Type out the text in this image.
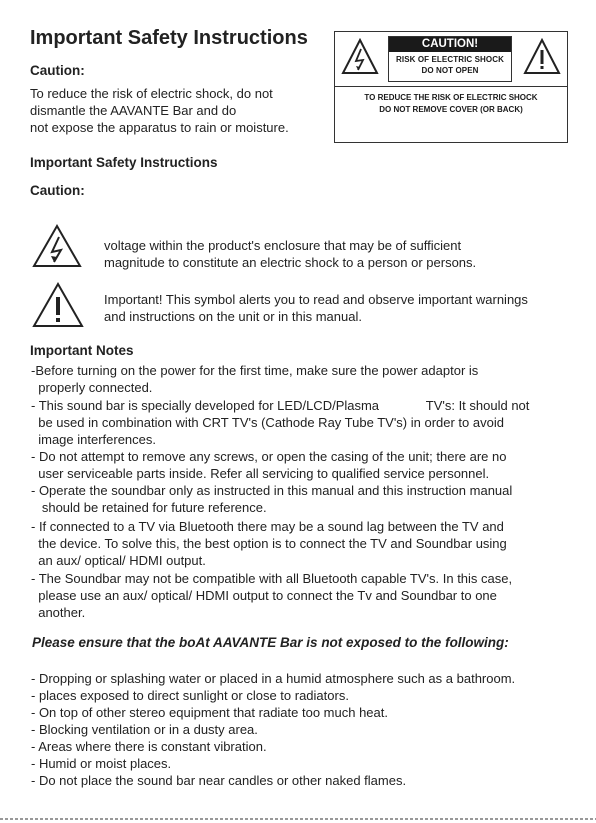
Important Safety Instructions
Caution:
To reduce the risk of electric shock, do not
dismantle the AAVANTE Bar and do
not expose the apparatus to rain or moisture.
CAUTION!
RISK OF ELECTRIC SHOCK
DO NOT OPEN
TO REDUCE THE RISK OF ELECTRIC SHOCK
DO NOT REMOVE COVER (OR BACK)
Important Safety Instructions
Caution:
voltage within the product's enclosure that may be of sufficient
magnitude to constitute an electric shock to a person or persons.
Important! This symbol alerts you to read and observe important warnings
and instructions on the unit or in this manual.
Important Notes
-Before turning on the power for the first time, make sure the power adaptor is
properly connected.
- This sound bar is specially developed for LED/LCD/Plasma             TV's: It should not
be used in combination with CRT TV's (Cathode Ray Tube TV's) in order to avoid
image interferences.
- Do not attempt to remove any screws, or open the casing of the unit; there are no
user serviceable parts inside. Refer all servicing to qualified service personnel.
- Operate the soundbar only as instructed in this manual and this instruction manual
should be retained for future reference.
- If connected to a TV via Bluetooth there may be a sound lag between the TV and
the device. To solve this, the best option is to connect the TV and Soundbar using
an aux/ optical/ HDMI output.
- The Soundbar may not be compatible with all Bluetooth capable TV's. In this case,
please use an aux/ optical/ HDMI output to connect the Tv and Soundbar to one
another.
Please ensure that the boAt AAVANTE Bar is not exposed to the following:
- Dropping or splashing water or placed in a humid atmosphere such as a bathroom.
- places exposed to direct sunlight or close to radiators.
- On top of other stereo equipment that radiate too much heat.
- Blocking ventilation or in a dusty area.
- Areas where there is constant vibration.
- Humid or moist places.
- Do not place the sound bar near candles or other naked flames.
